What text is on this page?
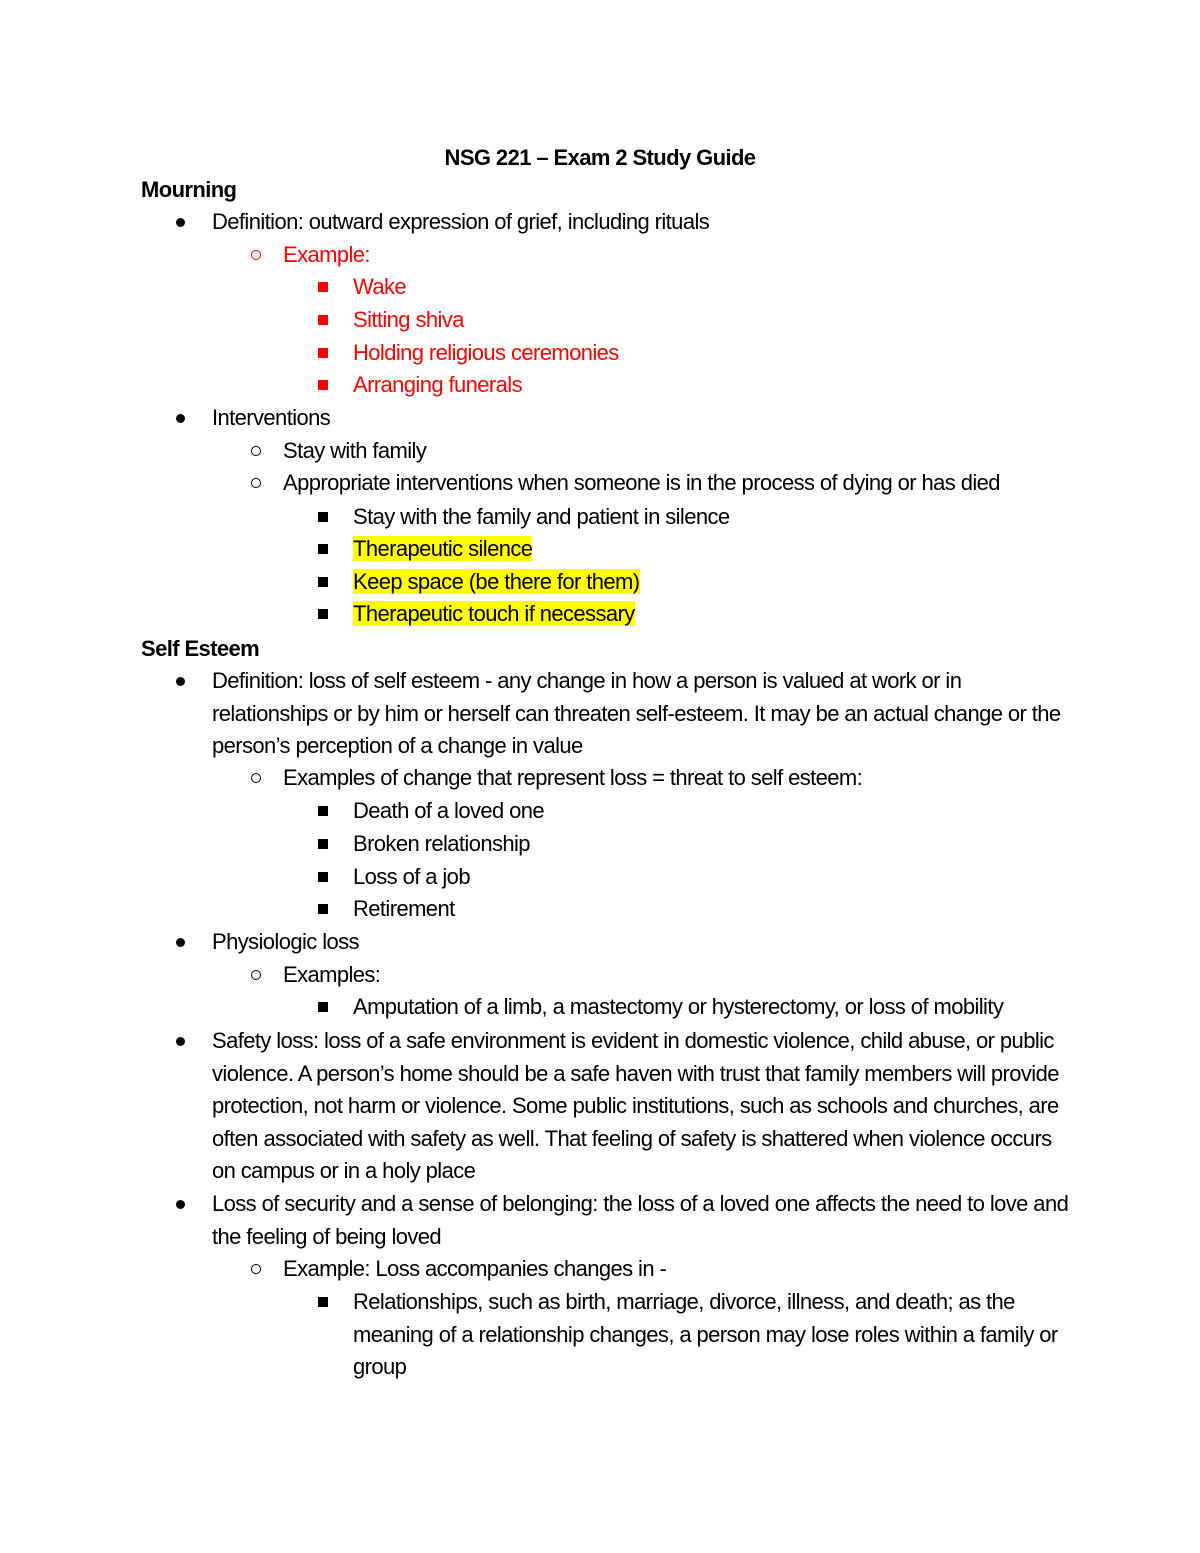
NSG 221 – Exam 2 Study Guide
Mourning
Definition: outward expression of grief, including rituals
Example:
Wake
Sitting shiva
Holding religious ceremonies
Arranging funerals
Interventions
Stay with family
Appropriate interventions when someone is in the process of dying or has died
Stay with the family and patient in silence
Therapeutic silence
Keep space (be there for them)
Therapeutic touch if necessary
Self Esteem
Definition: loss of self esteem - any change in how a person is valued at work or in relationships or by him or herself can threaten self-esteem. It may be an actual change or the person’s perception of a change in value
Examples of change that represent loss = threat to self esteem:
Death of a loved one
Broken relationship
Loss of a job
Retirement
Physiologic loss
Examples:
Amputation of a limb, a mastectomy or hysterectomy, or loss of mobility
Safety loss: loss of a safe environment is evident in domestic violence, child abuse, or public violence. A person’s home should be a safe haven with trust that family members will provide protection, not harm or violence. Some public institutions, such as schools and churches, are often associated with safety as well. That feeling of safety is shattered when violence occurs on campus or in a holy place
Loss of security and a sense of belonging: the loss of a loved one affects the need to love and the feeling of being loved
Example: Loss accompanies changes in -
Relationships, such as birth, marriage, divorce, illness, and death; as the meaning of a relationship changes, a person may lose roles within a family or group
